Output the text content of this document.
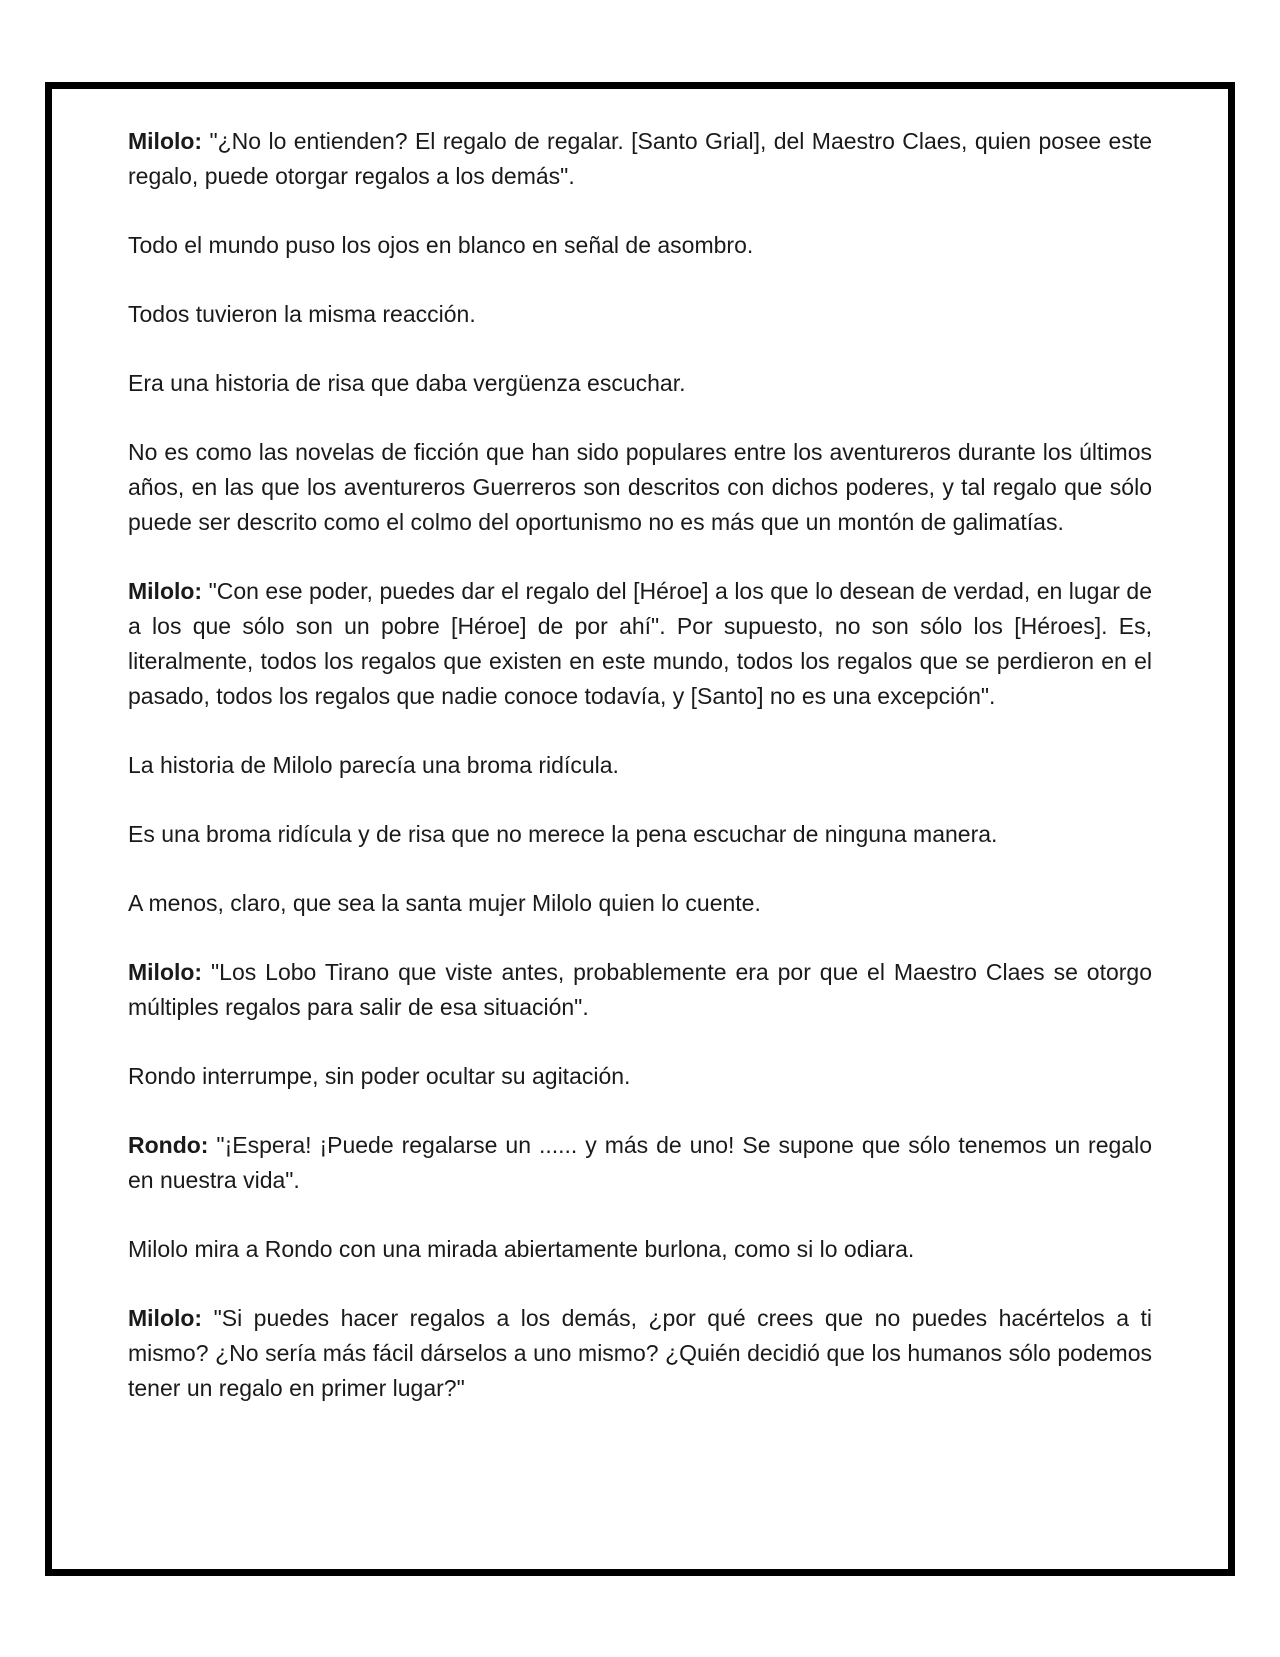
Milolo: "¿No lo entienden? El regalo de regalar. [Santo Grial], del Maestro Claes, quien posee este regalo, puede otorgar regalos a los demás".

Todo el mundo puso los ojos en blanco en señal de asombro.

Todos tuvieron la misma reacción.

Era una historia de risa que daba vergüenza escuchar.

No es como las novelas de ficción que han sido populares entre los aventureros durante los últimos años, en las que los aventureros Guerreros son descritos con dichos poderes, y tal regalo que sólo puede ser descrito como el colmo del oportunismo no es más que un montón de galimatías.

Milolo: "Con ese poder, puedes dar el regalo del [Héroe] a los que lo desean de verdad, en lugar de a los que sólo son un pobre [Héroe] de por ahí". Por supuesto, no son sólo los [Héroes]. Es, literalmente, todos los regalos que existen en este mundo, todos los regalos que se perdieron en el pasado, todos los regalos que nadie conoce todavía, y [Santo] no es una excepción".

La historia de Milolo parecía una broma ridícula.

Es una broma ridícula y de risa que no merece la pena escuchar de ninguna manera.

A menos, claro, que sea la santa mujer Milolo quien lo cuente.

Milolo: "Los Lobo Tirano que viste antes, probablemente era por que el Maestro Claes se otorgo múltiples regalos para salir de esa situación".

Rondo interrumpe, sin poder ocultar su agitación.

Rondo: "¡Espera! ¡Puede regalarse un ...... y más de uno! Se supone que sólo tenemos un regalo en nuestra vida".

Milolo mira a Rondo con una mirada abiertamente burlona, como si lo odiara.

Milolo: "Si puedes hacer regalos a los demás, ¿por qué crees que no puedes hacértelos a ti mismo? ¿No sería más fácil dárselos a uno mismo? ¿Quién decidió que los humanos sólo podemos tener un regalo en primer lugar?"
